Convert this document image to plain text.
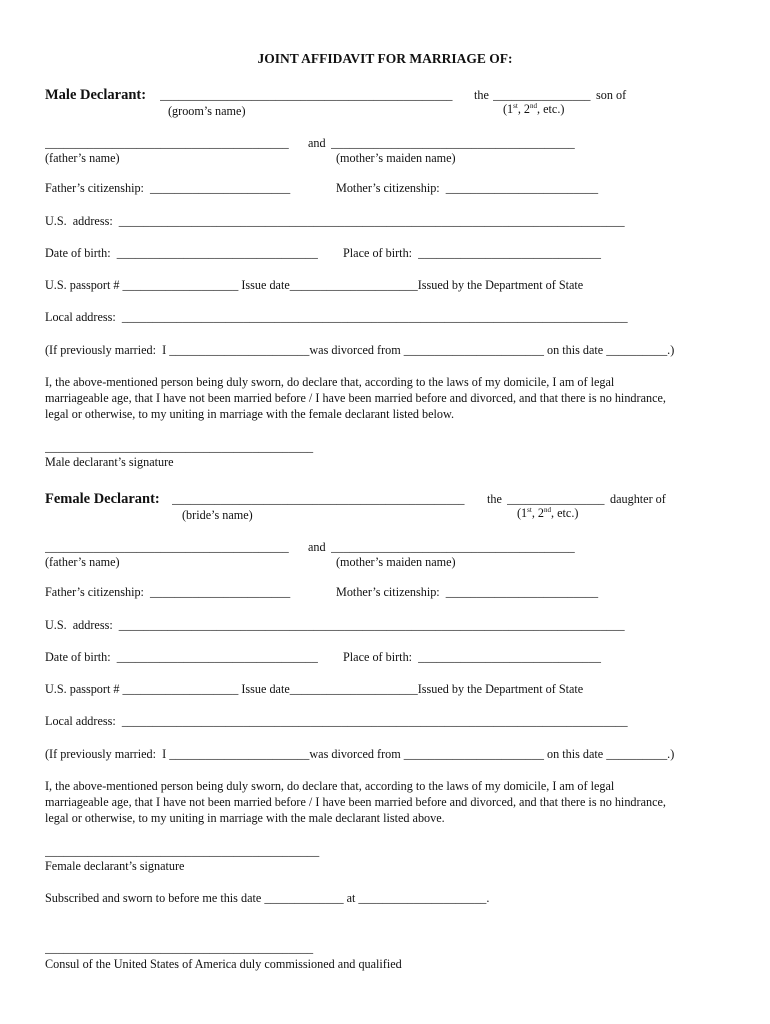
JOINT AFFIDAVIT FOR MARRIAGE OF:
Male Declarant: ________________________________________________	the ________________ son of
(groom’s name)	(1st, 2nd, etc.)
________________________________________	and ________________________________________
(father’s name)	(mother’s maiden name)
Father’s citizenship:  _______________________	Mother’s citizenship:  _________________________
U.S.  address:  ___________________________________________________________________________________
Date of birth:  _________________________________ Place of birth:  ______________________________
U.S. passport # ___________________ Issue date_____________________Issued by the Department of State
Local address:  ___________________________________________________________________________________
(If previously married:  I _______________________was divorced from _______________________ on this date __________.)
I, the above-mentioned person being duly sworn, do declare that, according to the laws of my domicile, I am of legal
marriageable age, that I have not been married before / I have been married before and divorced, and that there is no hindrance,
legal or otherwise, to my uniting in marriage with the female declarant listed below.
____________________________________________
Male declarant’s signature
Female Declarant: ________________________________________________	the ________________ daughter of
(bride’s name)	(1st, 2nd, etc.)
________________________________________	and ________________________________________
(father’s name)	(mother’s maiden name)
Father’s citizenship:  _______________________	Mother’s citizenship:  _________________________
U.S.  address:  ___________________________________________________________________________________
Date of birth:  _________________________________ Place of birth:  ______________________________
U.S. passport # ___________________ Issue date_____________________Issued by the Department of State
Local address:  ___________________________________________________________________________________
(If previously married:  I _______________________was divorced from _______________________ on this date __________.)
I, the above-mentioned person being duly sworn, do declare that, according to the laws of my domicile, I am of legal
marriageable age, that I have not been married before / I have been married before and divorced, and that there is no hindrance,
legal or otherwise, to my uniting in marriage with the male declarant listed above.
_____________________________________________
Female declarant’s signature
Subscribed and sworn to before me this date _____________ at _____________________.
____________________________________________
Consul of the United States of America duly commissioned and qualified
